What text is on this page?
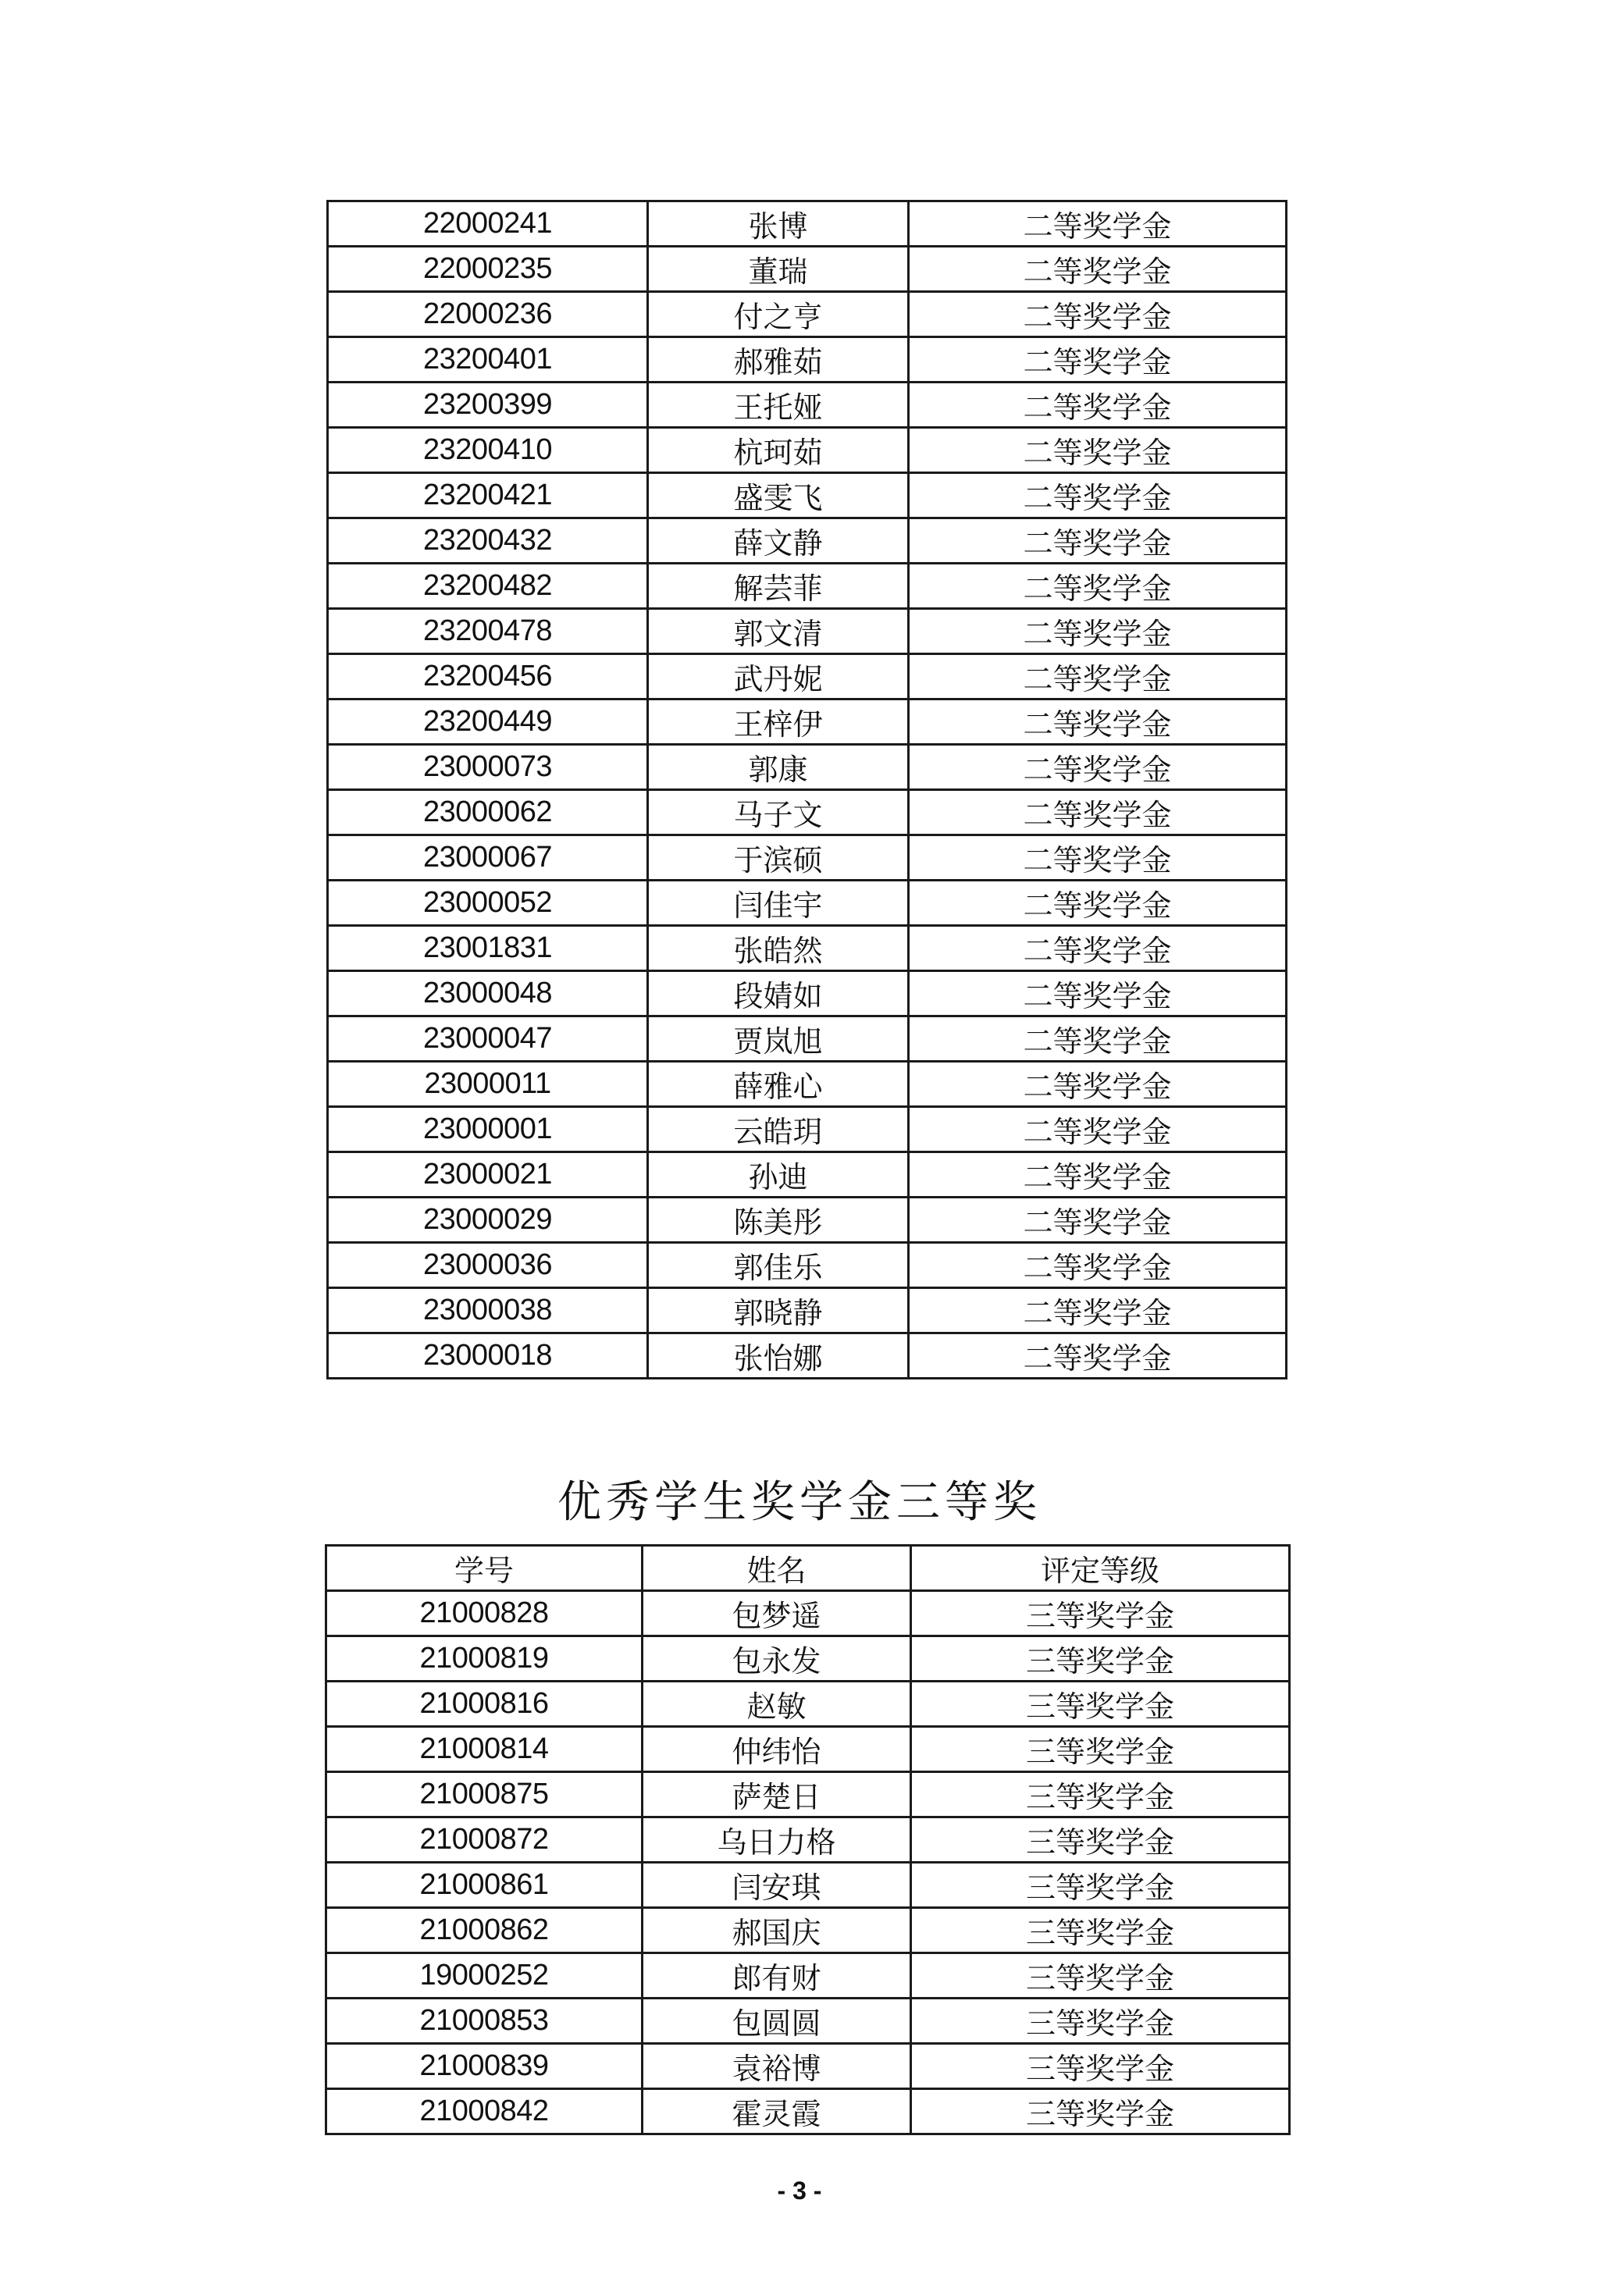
22000241	张博	二等奖学金
22000235	董瑞	二等奖学金
22000236	付之亨	二等奖学金
23200401	郝雅茹	二等奖学金
23200399	王托娅	二等奖学金
23200410	杭珂茹	二等奖学金
23200421	盛雯飞	二等奖学金
23200432	薛文静	二等奖学金
23200482	解芸菲	二等奖学金
23200478	郭文清	二等奖学金
23200456	武丹妮	二等奖学金
23200449	王梓伊	二等奖学金
23000073	郭康	二等奖学金
23000062	马子文	二等奖学金
23000067	于滨硕	二等奖学金
23000052	闫佳宇	二等奖学金
23001831	张皓然	二等奖学金
23000048	段婧如	二等奖学金
23000047	贾岚旭	二等奖学金
23000011	薛雅心	二等奖学金
23000001	云皓玥	二等奖学金
23000021	孙迪	二等奖学金
23000029	陈美彤	二等奖学金
23000036	郭佳乐	二等奖学金
23000038	郭晓静	二等奖学金
23000018	张怡娜	二等奖学金
优秀学生奖学金三等奖
学号	姓名	评定等级
21000828	包梦遥	三等奖学金
21000819	包永发	三等奖学金
21000816	赵敏	三等奖学金
21000814	仲纬怡	三等奖学金
21000875	萨楚日	三等奖学金
21000872	乌日力格	三等奖学金
21000861	闫安琪	三等奖学金
21000862	郝国庆	三等奖学金
19000252	郎有财	三等奖学金
21000853	包圆圆	三等奖学金
21000839	袁裕博	三等奖学金
21000842	霍灵霞	三等奖学金
- 3 -
